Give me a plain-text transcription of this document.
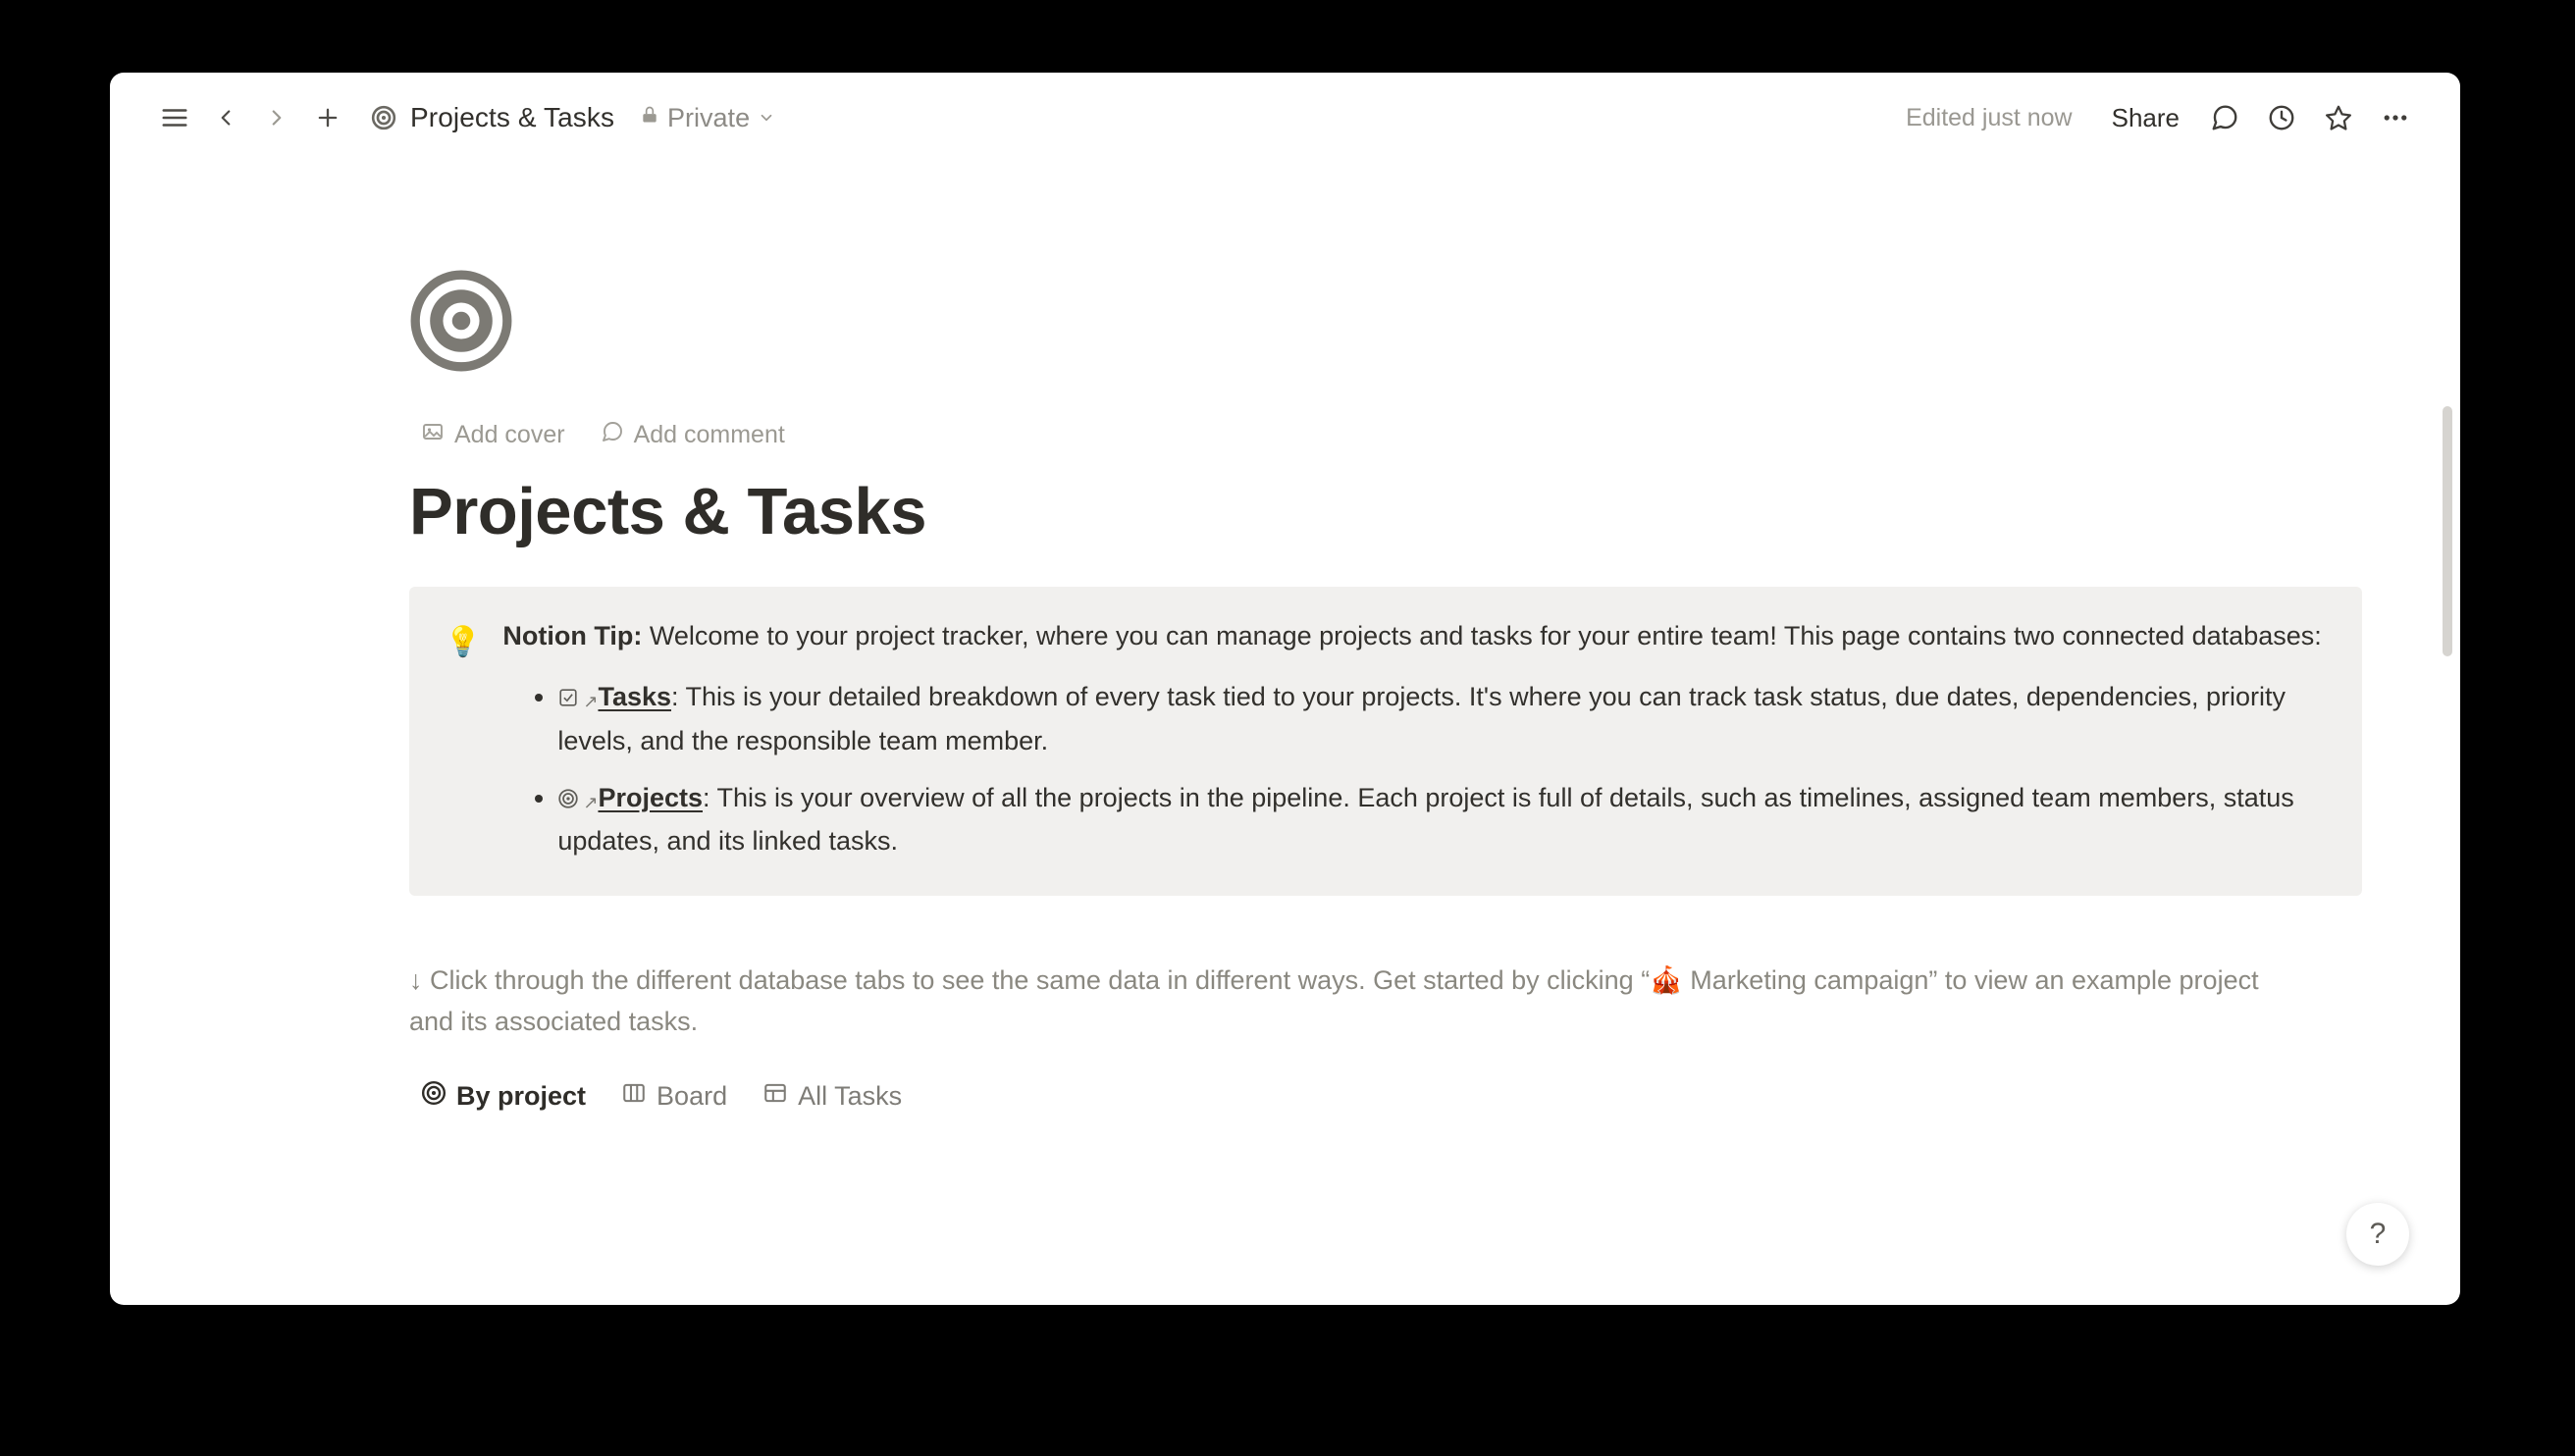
Projects & Tasks Private	Edited just now	Share
Add cover	Add comment
Projects & Tasks
💡 Notion Tip: Welcome to your project tracker, where you can manage projects and tasks for your entire team! This page contains two connected databases:
• ↗Tasks: This is your detailed breakdown of every task tied to your projects. It's where you can track task status, due dates, dependencies, priority levels, and the responsible team member.
• ↗Projects: This is your overview of all the projects in the pipeline. Each project is full of details, such as timelines, assigned team members, status updates, and its linked tasks.
↓ Click through the different database tabs to see the same data in different ways. Get started by clicking “🎪 Marketing campaign” to view an example project and its associated tasks.
By project	Board	All Tasks
?
